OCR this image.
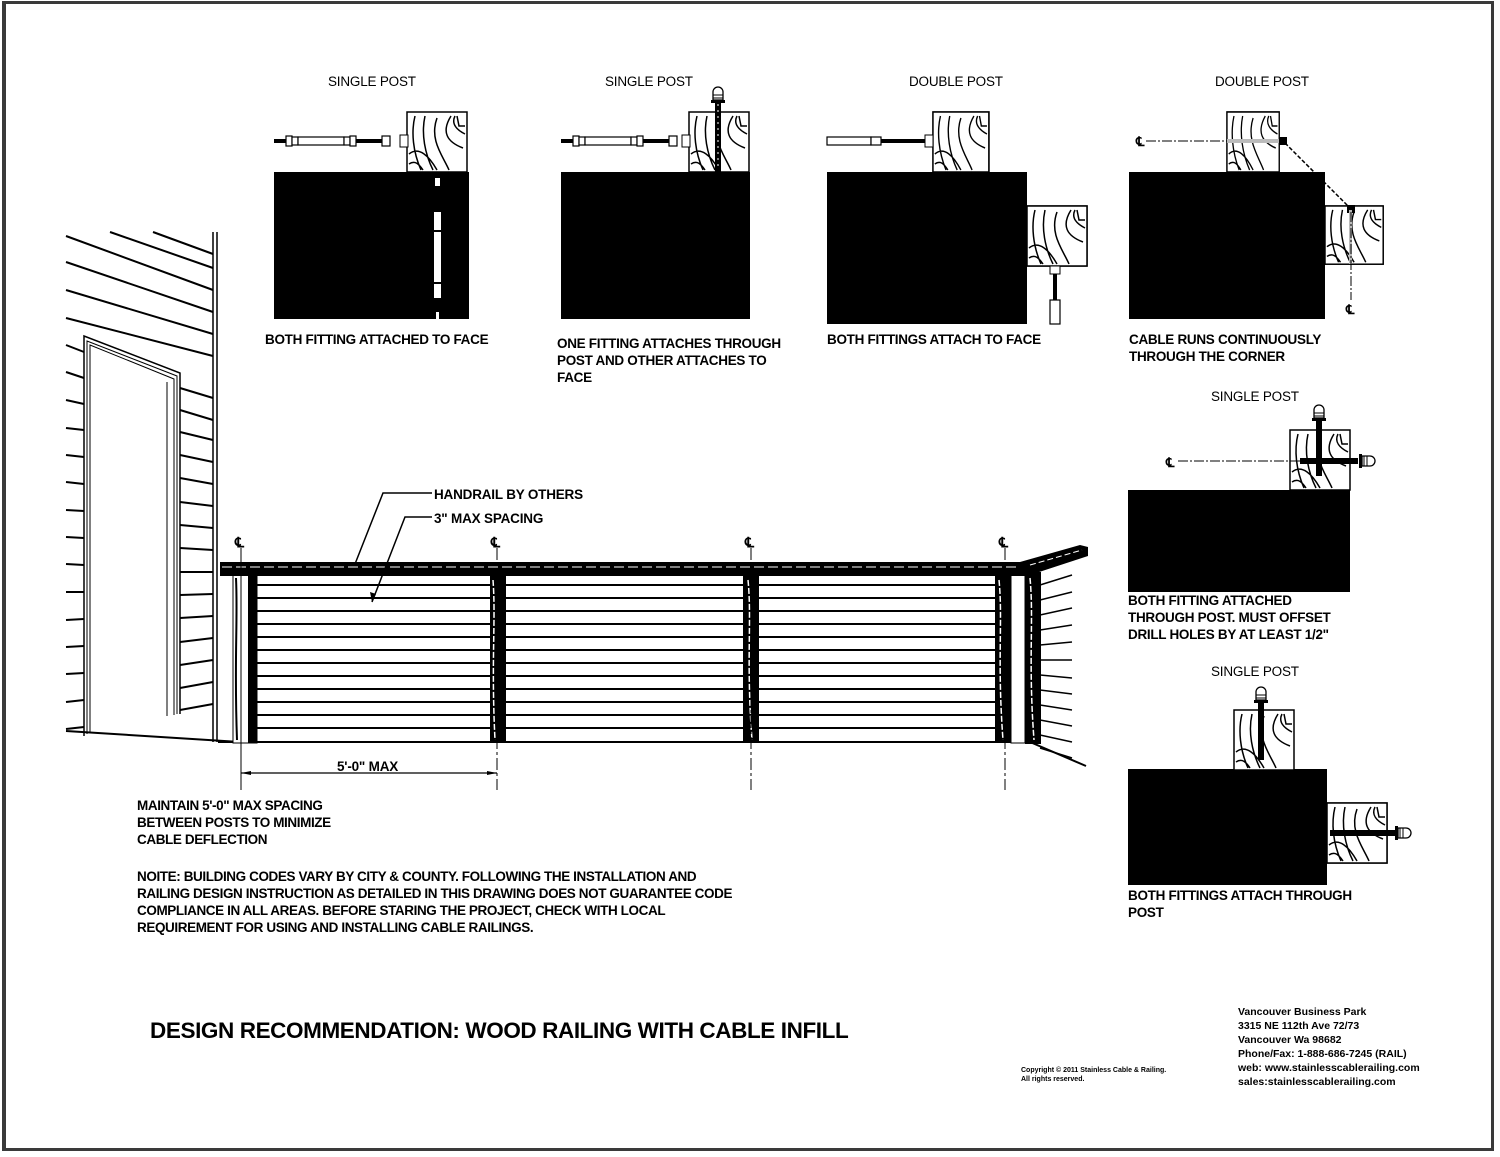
℄
℄
℄
℄	℄	℄	℄
SINGLE POST	SINGLE POST	DOUBLE POST	DOUBLE POST
SINGLE POST
SINGLE POST
BOTH FITTING ATTACHED TO FACE	ONE FITTING ATTACHES THROUGH POST AND OTHER ATTACHES TO FACE
BOTH FITTINGS ATTACH TO FACE	CABLE RUNS CONTINUOUSLY THROUGH THE CORNER
BOTH FITTING ATTACHED THROUGH POST. MUST OFFSET DRILL HOLES BY AT LEAST 1/2"
BOTH FITTINGS ATTACH THROUGH POST
HANDRAIL BY OTHERS
3" MAX SPACING
5'-0" MAX
MAINTAIN 5'-0" MAX SPACING BETWEEN POSTS TO MINIMIZE CABLE DEFLECTION
NOITE: BUILDING CODES VARY BY CITY & COUNTY. FOLLOWING THE INSTALLATION AND RAILING DESIGN INSTRUCTION AS DETAILED IN THIS DRAWING DOES NOT GUARANTEE CODE COMPLIANCE IN ALL AREAS. BEFORE STARING THE PROJECT, CHECK WITH LOCAL REQUIREMENT FOR USING AND INSTALLING CABLE RAILINGS.
DESIGN RECOMMENDATION: WOOD RAILING WITH CABLE INFILL
Copyright © 2011 Stainless Cable & Railing.
All rights reserved.
Vancouver Business Park
3315 NE 112th Ave 72/73
Vancouver Wa 98682
Phone/Fax: 1-888-686-7245 (RAIL)
web: www.stainlesscablerailing.com
sales:stainlesscablerailing.com
